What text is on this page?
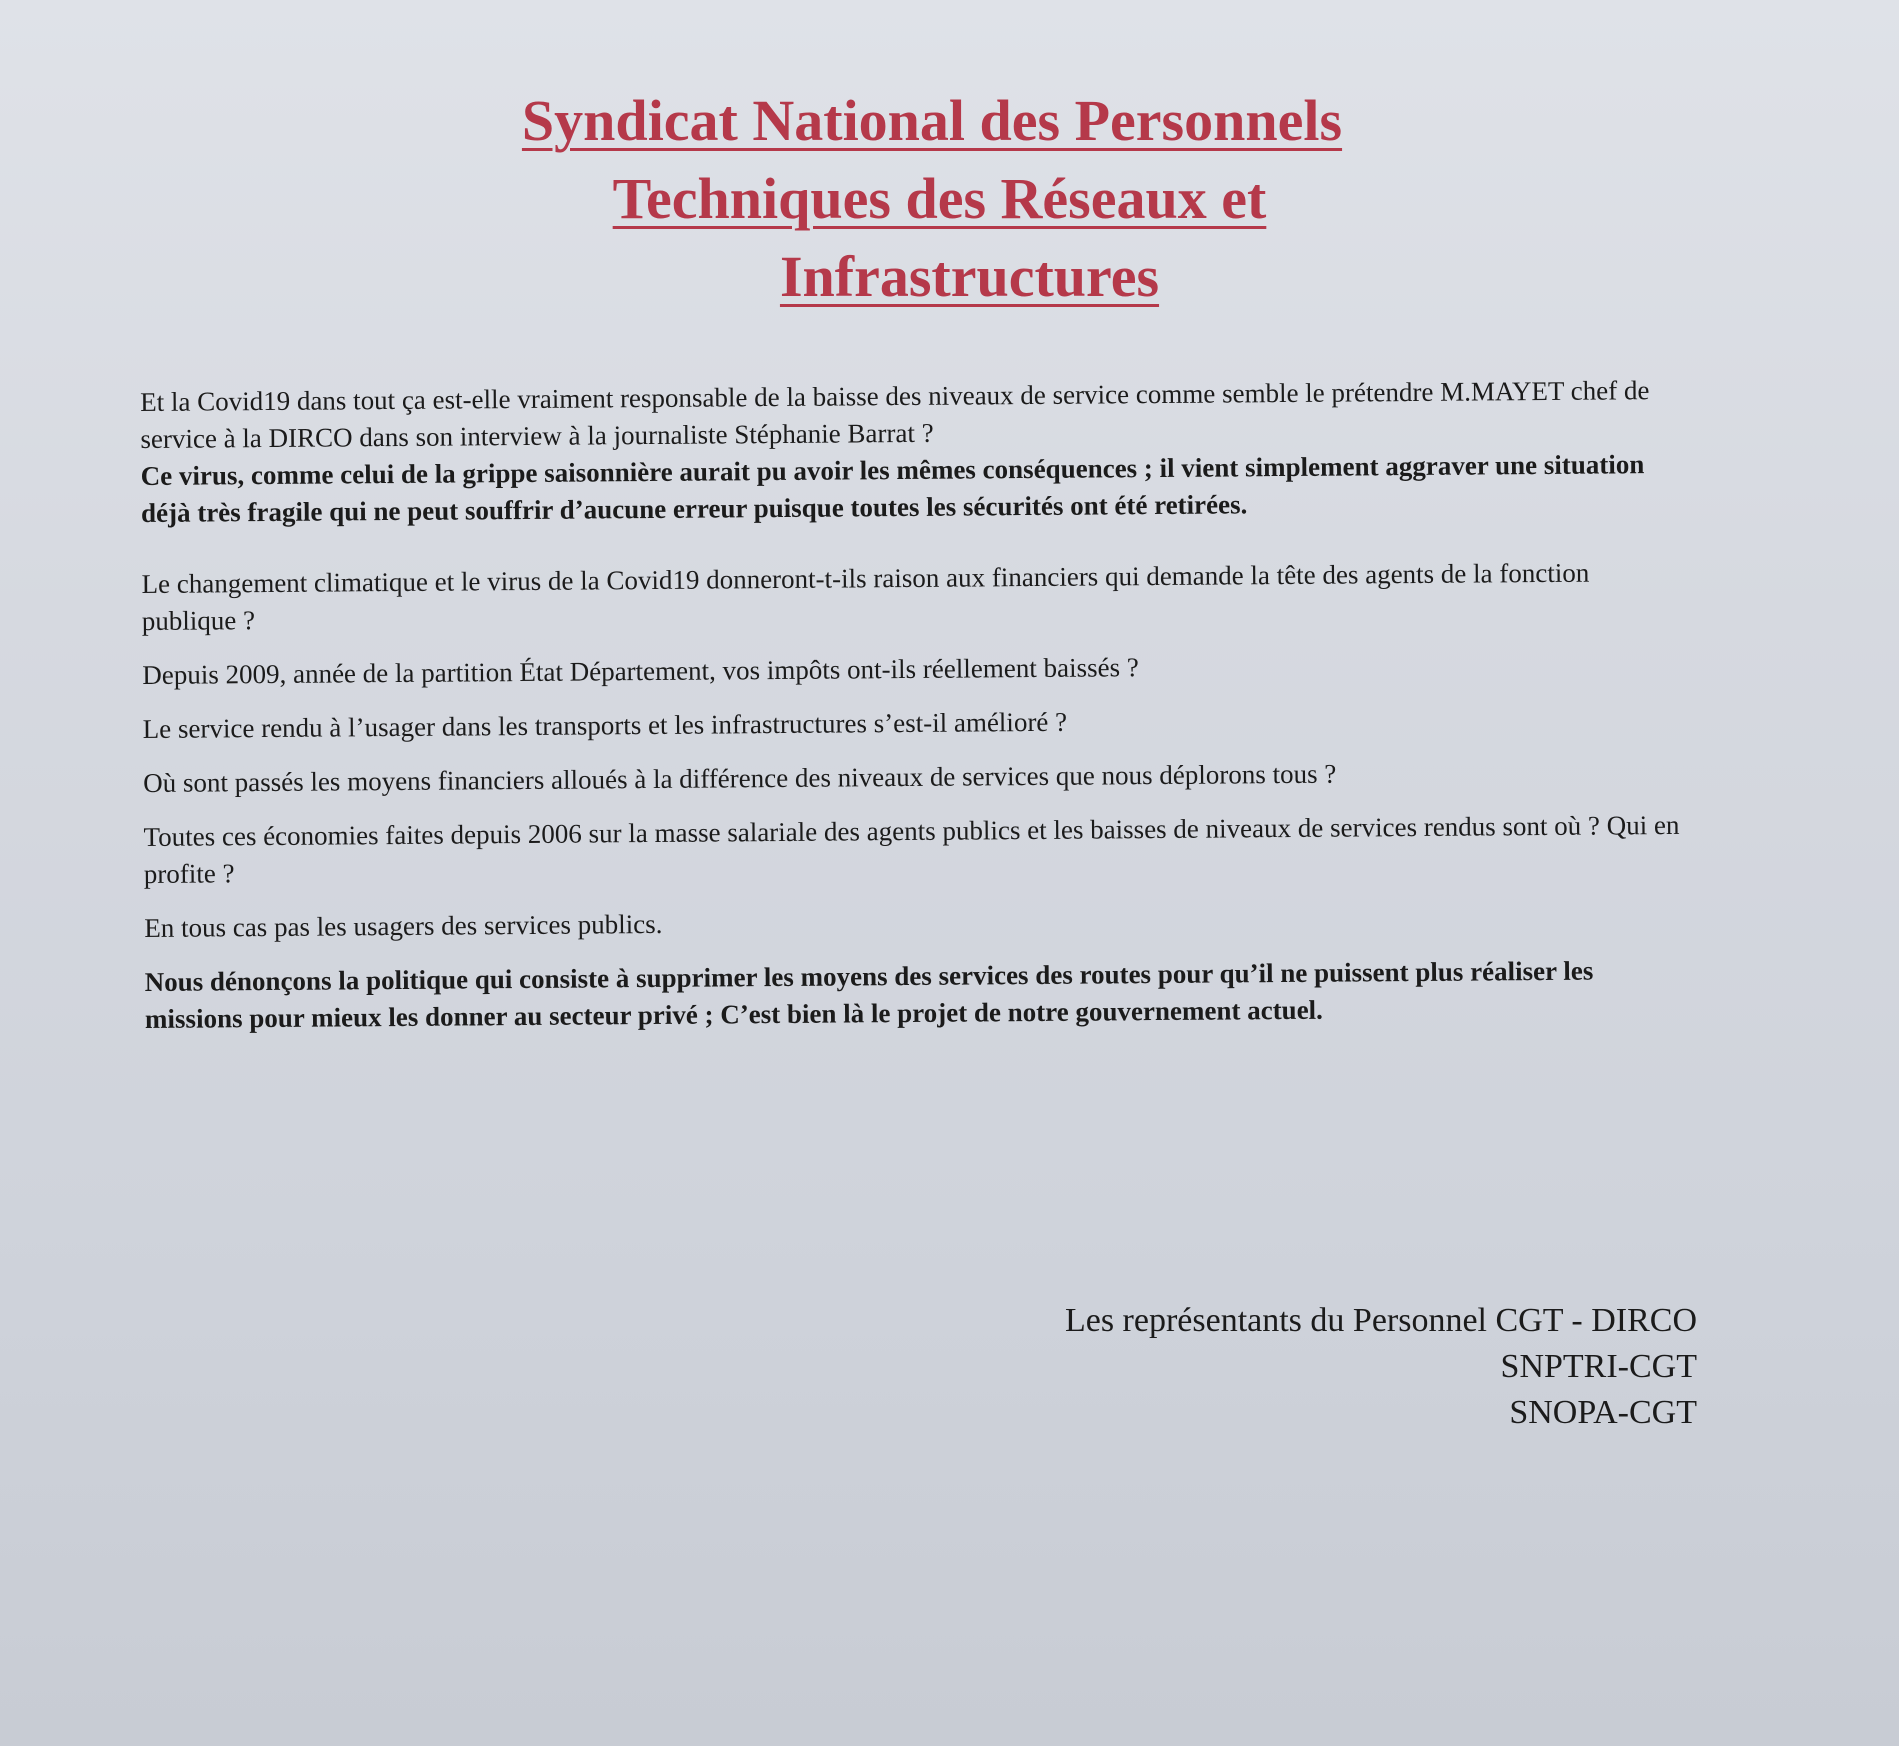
Syndicat National des Personnels
Techniques des Réseaux et
Infrastructures

Et la Covid19 dans tout ça est-elle vraiment responsable de la baisse des niveaux de service comme semble le prétendre M.MAYET chef de service à la DIRCO dans son interview à la journaliste Stéphanie Barrat ?

Ce virus, comme celui de la grippe saisonnière aurait pu avoir les mêmes conséquences ; il vient simplement aggraver une situation déjà très fragile qui ne peut souffrir d’aucune erreur puisque toutes les sécurités ont été retirées.

Le changement climatique et le virus de la Covid19 donneront-t-ils raison aux financiers qui demande la tête des agents de la fonction publique ?

Depuis 2009, année de la partition État Département, vos impôts ont-ils réellement baissés ?

Le service rendu à l’usager dans les transports et les infrastructures s’est-il amélioré ?

Où sont passés les moyens financiers alloués à la différence des niveaux de services que nous déplorons tous ?

Toutes ces économies faites depuis 2006 sur la masse salariale des agents publics et les baisses de niveaux de services rendus sont où ? Qui en profite ?

En tous cas pas les usagers des services publics.

Nous dénonçons la politique qui consiste à supprimer les moyens des services des routes pour qu’il ne puissent plus réaliser les missions pour mieux les donner au secteur privé ; C’est bien là le projet de notre gouvernement actuel.

Les représentants du Personnel CGT - DIRCO

SNPTRI-CGT

SNOPA-CGT
